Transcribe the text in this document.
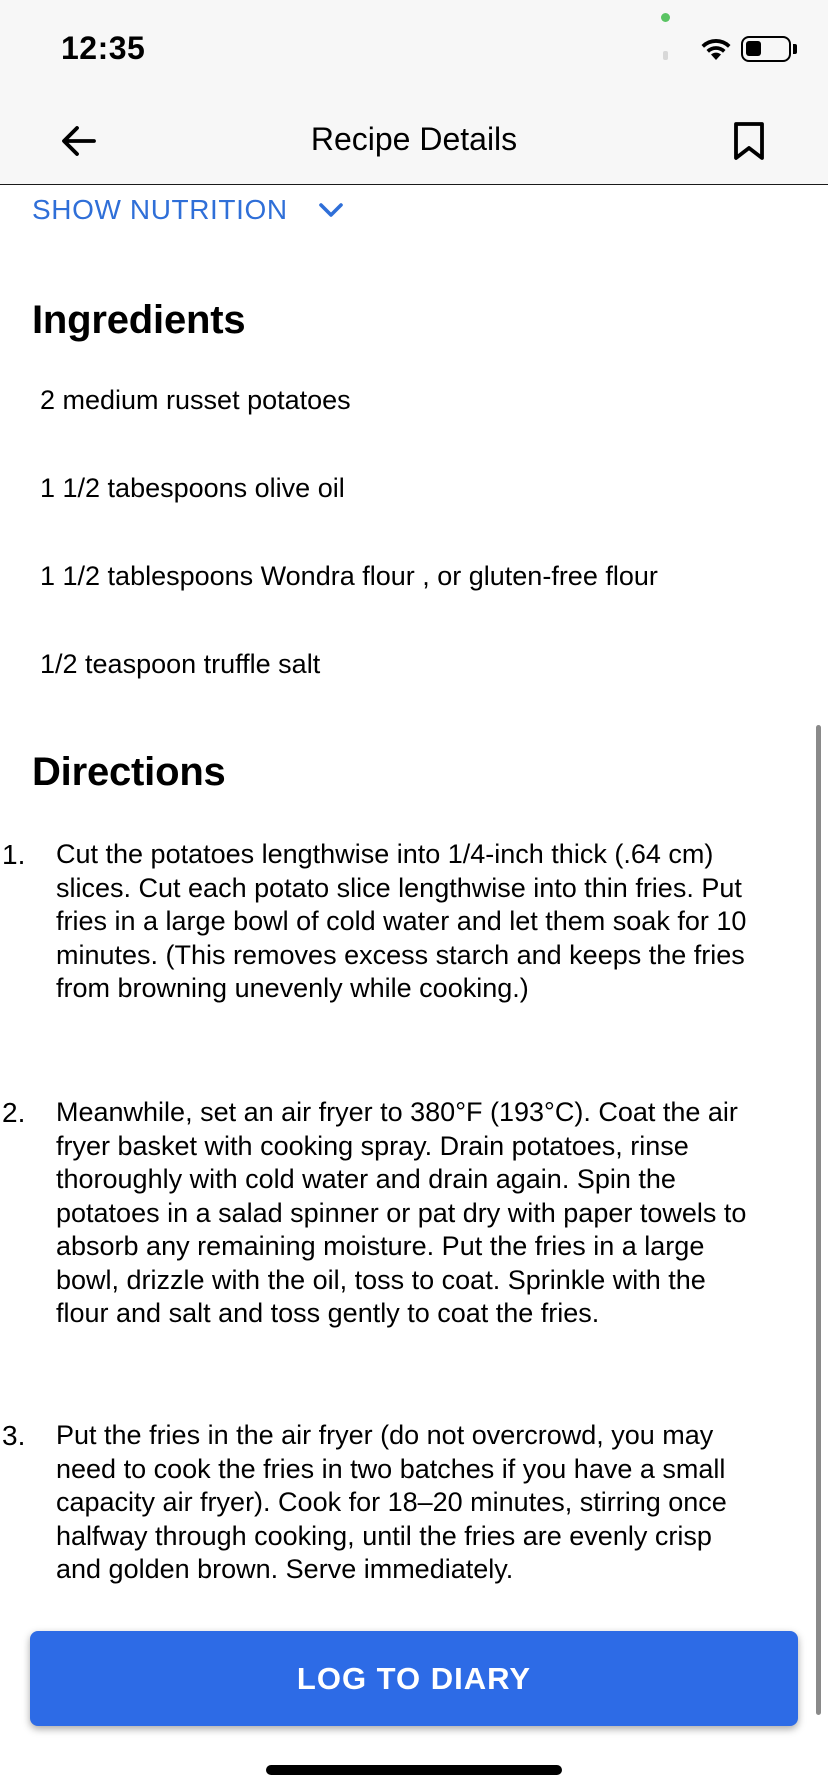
12:35
Recipe Details
SHOW NUTRITION
Ingredients
2 medium russet potatoes
1 1/2 tabespoons olive oil
1 1/2 tablespoons Wondra flour , or gluten-free flour
1/2 teaspoon truffle salt
Directions
1. Cut the potatoes lengthwise into 1/4-inch thick (.64 cm) slices. Cut each potato slice lengthwise into thin fries. Put fries in a large bowl of cold water and let them soak for 10 minutes. (This removes excess starch and keeps the fries from browning unevenly while cooking.)
2. Meanwhile, set an air fryer to 380°F (193°C). Coat the air fryer basket with cooking spray. Drain potatoes, rinse thoroughly with cold water and drain again. Spin the potatoes in a salad spinner or pat dry with paper towels to absorb any remaining moisture. Put the fries in a large bowl, drizzle with the oil, toss to coat. Sprinkle with the flour and salt and toss gently to coat the fries.
3. Put the fries in the air fryer (do not overcrowd, you may need to cook the fries in two batches if you have a small capacity air fryer). Cook for 18–20 minutes, stirring once halfway through cooking, until the fries are evenly crisp and golden brown. Serve immediately.
LOG TO DIARY
